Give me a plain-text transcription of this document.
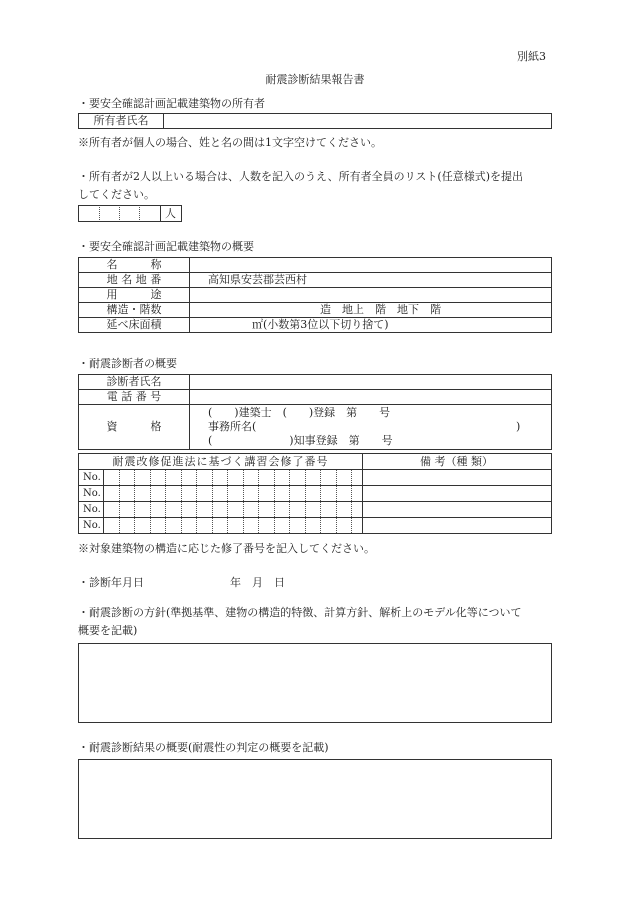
別紙3
耐震診断結果報告書
・要安全確認計画記載建築物の所有者
所有者氏名	
※所有者が個人の場合、姓と名の間は1文字空けてください。
・所有者が2人以上いる場合は、人数を記入のうえ、所有者全員のリスト(任意様式)を提出
してください。
人
・要安全確認計画記載建築物の概要
名　　　称	
地 名 地 番	高知県安芸郡芸西村
用　　　途	
構造・階数	造　地上　階　地下　階
延べ床面積	㎡(小数第3位以下切り捨て)
・耐震診断者の概要
診断者氏名	
電 話 番 号	
資　　　格	(　　)建築士　(　　)登録　第　　号
事務所名( )
(　　　　　　　)知事登録　第　　号
耐震改修促進法に基づく講習会修了番号	備 考（種 類）
No.
No.
No.
No.
※対象建築物の構造に応じた修了番号を記入してください。
・診断年月日	年　月　日
・耐震診断の方針(準拠基準、建物の構造的特徴、計算方針、解析上のモデル化等について
概要を記載)
・耐震診断結果の概要(耐震性の判定の概要を記載)
